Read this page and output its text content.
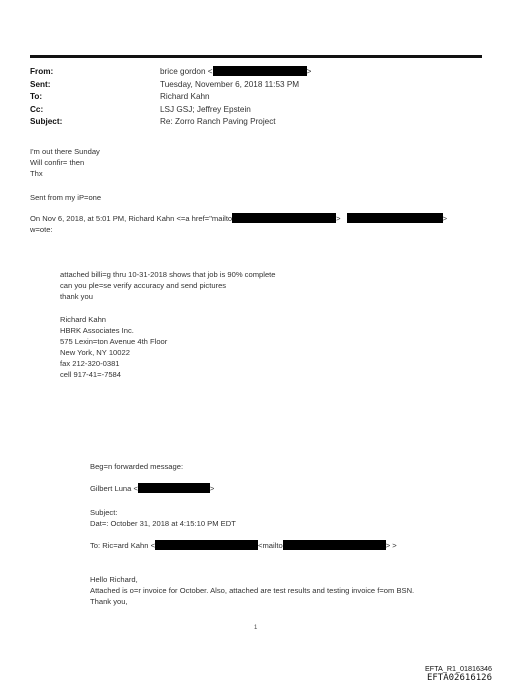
From:	brice gordon <	>
Sent:	Tuesday, November 6, 2018 11:53 PM
To:	Richard Kahn
Cc:	LSJ GSJ; Jeffrey Epstein
Subject:	Re: Zorro Ranch Paving Project
I'm out there Sunday
Will confir= then
Thx
Sent from my iP=one
On Nov 6, 2018, at 5:01 PM, Richard Kahn <=a href="mailto	>	>
w=ote:
attached billi=g thru 10-31-2018 shows that job is 90% complete
can you ple=se verify accuracy and send pictures
thank you
Richard Kahn
HBRK Associates Inc.
575 Lexin=ton Avenue 4th Floor
New York, NY 10022
fax 212-320-0381
cell 917-41=-7584
Beg=n forwarded message:
Gilbert Luna <	>
Subject:
Dat=: October 31, 2018 at 4:15:10 PM EDT
To: Ric=ard Kahn <	<mailto	> >
Hello Richard,
Attached is o=r invoice for October. Also, attached are test results and testing invoice f=om BSN.
Thank you,
1
EFTA_R1_01816346
EFTA02616126
